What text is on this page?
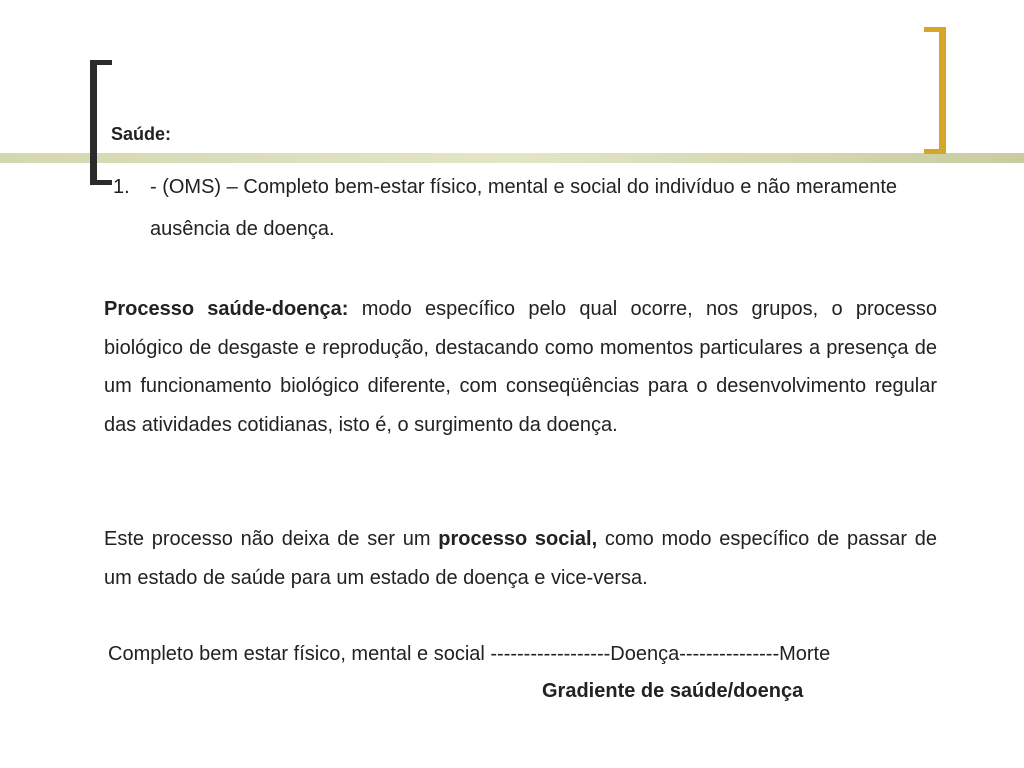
Saúde:
1. - (OMS) – Completo bem-estar físico, mental e social do indivíduo e não meramente ausência de doença.

Processo saúde-doença: modo específico pelo qual ocorre, nos grupos, o processo biológico de desgaste e reprodução, destacando como momentos particulares a presença de um funcionamento biológico diferente, com conseqüências para o desenvolvimento regular das atividades cotidianas, isto é, o surgimento da doença.

Este processo não deixa de ser um processo social, como modo específico de passar de um estado de saúde para um estado de doença e vice-versa.

Completo bem estar físico, mental e social ------------------Doença---------------Morte
Gradiente de saúde/doença
